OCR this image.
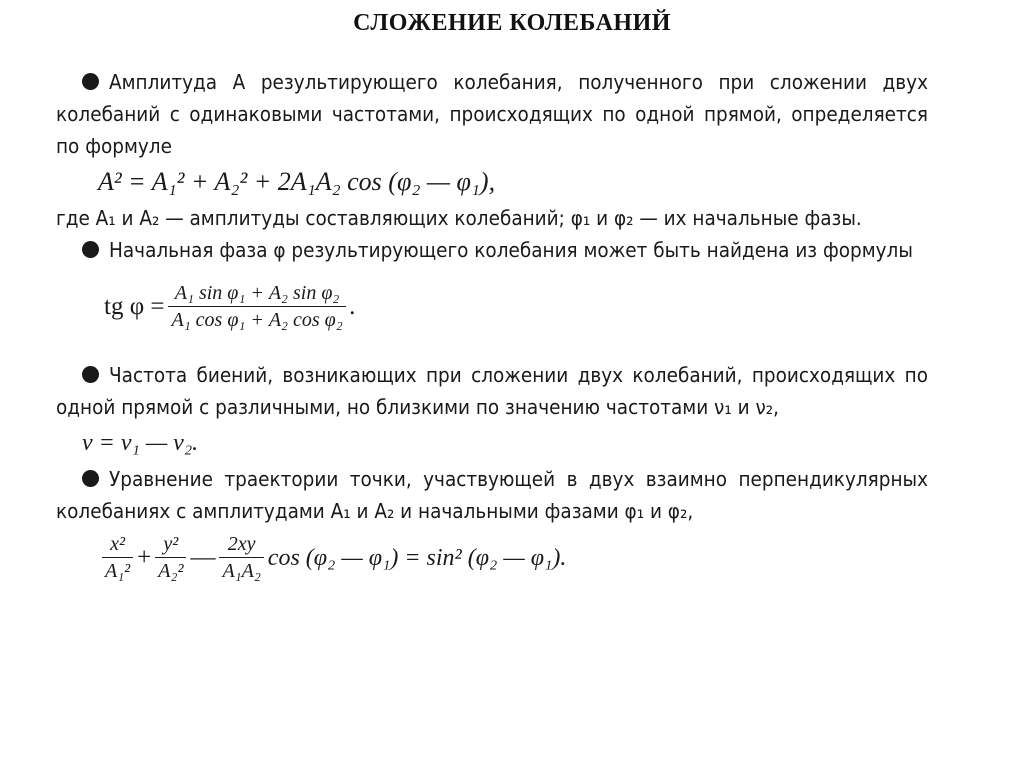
СЛОЖЕНИЕ КОЛЕБАНИЙ

Амплитуда A результирующего колебания, полученного при сложении двух колебаний с одинаковыми частотами, происходящих по одной прямой, определяется по формуле

A² = A₁² + A₂² + 2A₁A₂ cos (φ₂ — φ₁),

где A₁ и A₂ — амплитуды составляющих колебаний; φ₁ и φ₂ — их начальные фазы.

Начальная фаза φ результирующего колебания может быть найдена из формулы

tg $\varphi = \frac{\text{A₁ sin φ₁ + A₂ sin φ₂}}{\text{A₁ cos φ₁ + A₂ cos φ₂}}$ .

Частота биений, возникающих при сложении двух колебаний, происходящих по одной прямой с различными, но близкими по значению частотами ν₁ и ν₂,

ν = ν₁ — ν₂.

Уравнение траектории точки, участвующей в двух взаимно перпендикулярных колебаниях с амплитудами A₁ и A₂ и начальными фазами φ₁ и φ₂,

$\frac{\text{x²}}{\text{A₁²}} + \frac{\text{y²}}{\text{A₂²}}$ — $\frac{2xy}{\text{A₁A₂}}$ cos (φ₂ — φ₁) = sin² (φ₂ — φ₁).
